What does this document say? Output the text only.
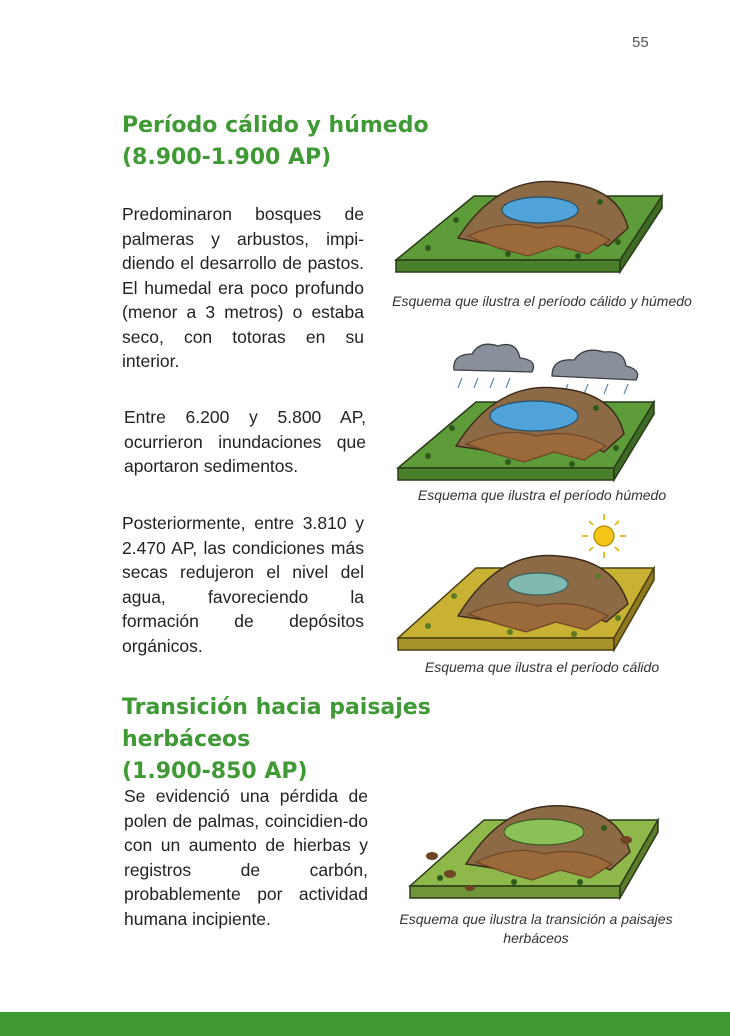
55
Período cálido y húmedo
(8.900-1.900 AP)

Predominaron bosques de palmeras y arbustos, impi-diendo el desarrollo de pastos. El humedal era poco profundo (menor a 3 metros) o estaba seco, con totoras en su interior.

Entre 6.200 y 5.800 AP, ocurrieron inundaciones que aportaron sedimentos.

Posteriormente, entre 3.810 y 2.470 AP, las condiciones más secas redujeron el nivel del agua, favoreciendo la formación de depósitos orgánicos.

Transición hacia paisajes herbáceos
(1.900-850 AP)

Se evidenció una pérdida de polen de palmas, coincidien-do con un aumento de hierbas y registros de carbón, probablemente por actividad humana incipiente.

Esquema que ilustra el período cálido y húmedo

Esquema que ilustra el período húmedo

Esquema que ilustra el período cálido

Esquema que ilustra la transición a paisajes herbáceos
